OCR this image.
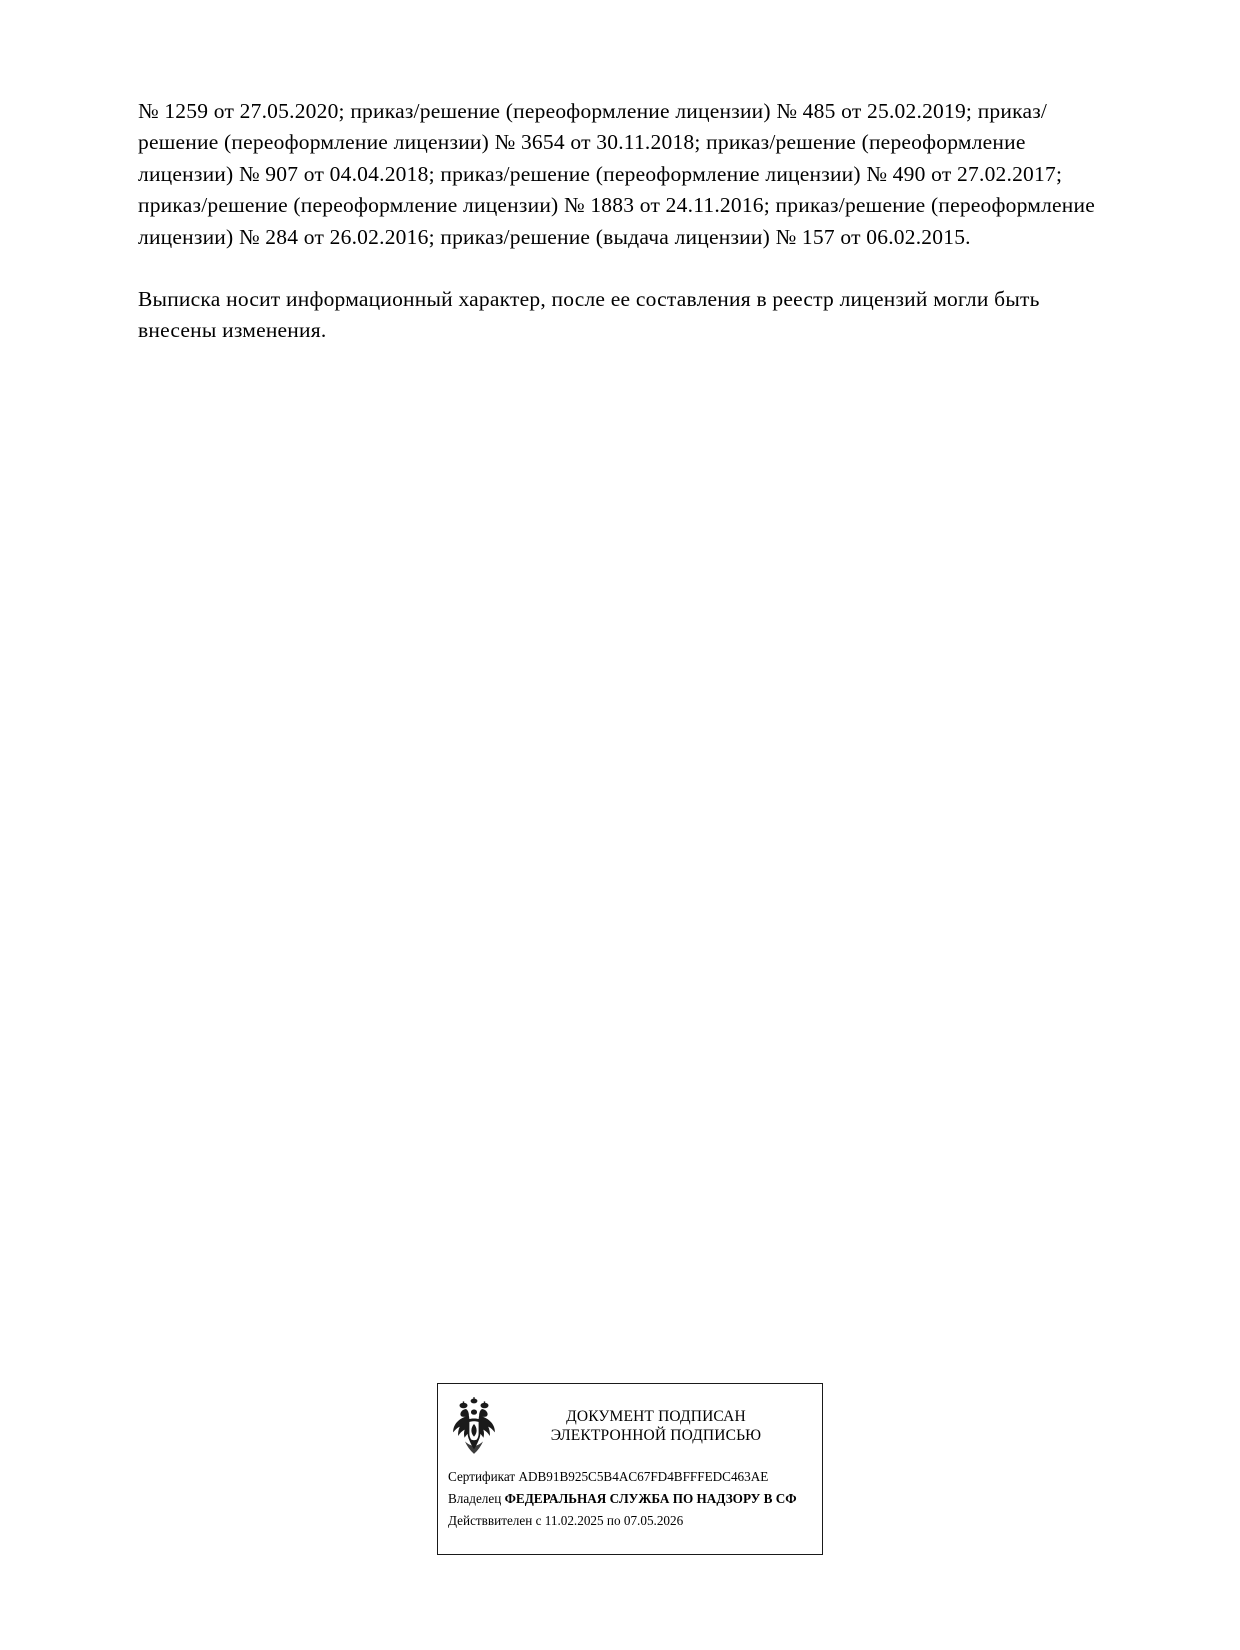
№ 1259 от 27.05.2020; приказ/решение (переоформление лицензии) № 485 от 25.02.2019; приказ/решение (переоформление лицензии) № 3654 от 30.11.2018; приказ/решение (переоформление лицензии) № 907 от 04.04.2018; приказ/решение (переоформление лицензии) № 490 от 27.02.2017; приказ/решение (переоформление лицензии) № 1883 от 24.11.2016; приказ/решение (переоформление лицензии) № 284 от 26.02.2016; приказ/решение (выдача лицензии) № 157 от 06.02.2015.

Выписка носит информационный характер, после ее составления в реестр лицензий могли быть внесены изменения.

ДОКУМЕНТ ПОДПИСАН
ЭЛЕКТРОННОЙ ПОДПИСЬЮ
Сертификат ADB91B925C5B4AC67FD4BFFFEDC463AE
Владелец ФЕДЕРАЛЬНАЯ СЛУЖБА ПО НАДЗОРУ В СФ
Действвителен с 11.02.2025 по 07.05.2026
